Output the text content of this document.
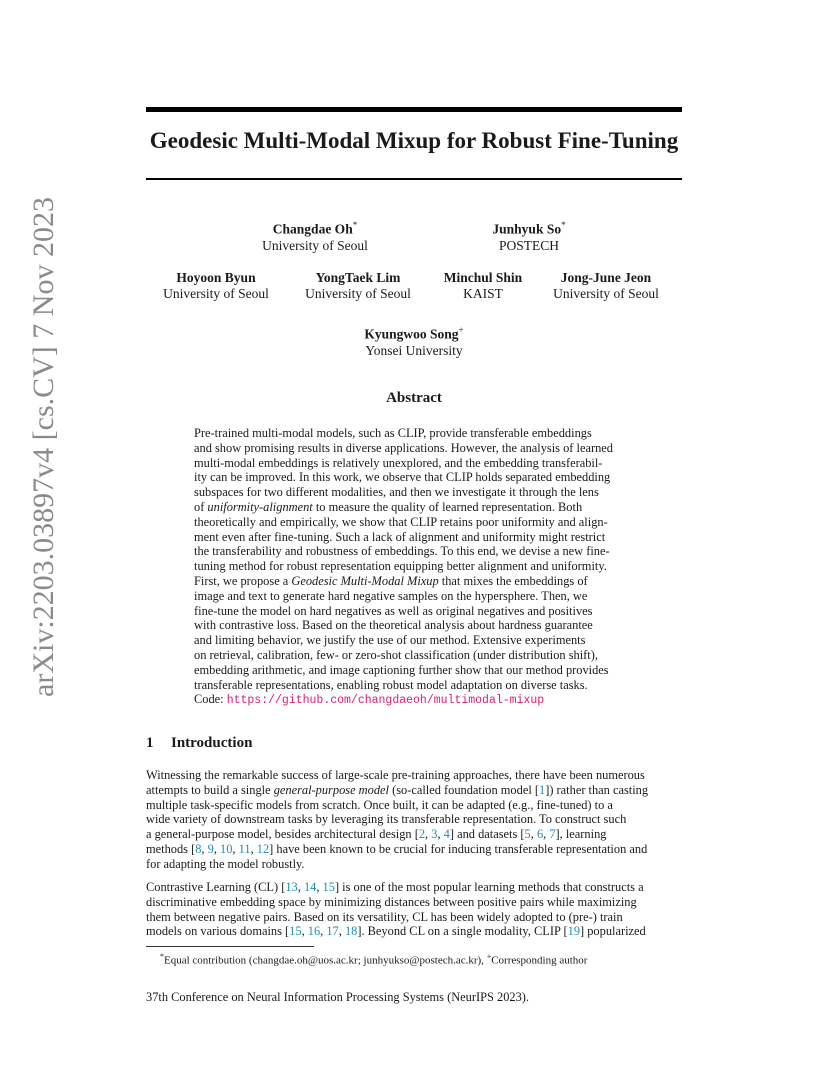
arXiv:2203.03897v4 [cs.CV] 7 Nov 2023
Geodesic Multi-Modal Mixup for Robust Fine-Tuning
Changdae Oh*
University of Seoul
Junhyuk So*
POSTECH
Hoyoon Byun
University of Seoul
YongTaek Lim
University of Seoul
Minchul Shin
KAIST
Jong-June Jeon
University of Seoul
Kyungwoo Song+
Yonsei University
Abstract
Pre-trained multi-modal models, such as CLIP, provide transferable embeddings
and show promising results in diverse applications. However, the analysis of learned
multi-modal embeddings is relatively unexplored, and the embedding transferabil-
ity can be improved. In this work, we observe that CLIP holds separated embedding
subspaces for two different modalities, and then we investigate it through the lens
of uniformity-alignment to measure the quality of learned representation. Both
theoretically and empirically, we show that CLIP retains poor uniformity and align-
ment even after fine-tuning. Such a lack of alignment and uniformity might restrict
the transferability and robustness of embeddings. To this end, we devise a new fine-
tuning method for robust representation equipping better alignment and uniformity.
First, we propose a Geodesic Multi-Modal Mixup that mixes the embeddings of
image and text to generate hard negative samples on the hypersphere. Then, we
fine-tune the model on hard negatives as well as original negatives and positives
with contrastive loss. Based on the theoretical analysis about hardness guarantee
and limiting behavior, we justify the use of our method. Extensive experiments
on retrieval, calibration, few- or zero-shot classification (under distribution shift),
embedding arithmetic, and image captioning further show that our method provides
transferable representations, enabling robust model adaptation on diverse tasks.
Code: https://github.com/changdaeoh/multimodal-mixup
1 Introduction
Witnessing the remarkable success of large-scale pre-training approaches, there have been numerous
attempts to build a single general-purpose model (so-called foundation model [1]) rather than casting
multiple task-specific models from scratch. Once built, it can be adapted (e.g., fine-tuned) to a
wide variety of downstream tasks by leveraging its transferable representation. To construct such
a general-purpose model, besides architectural design [2, 3, 4] and datasets [5, 6, 7], learning
methods [8, 9, 10, 11, 12] have been known to be crucial for inducing transferable representation and
for adapting the model robustly.
Contrastive Learning (CL) [13, 14, 15] is one of the most popular learning methods that constructs a
discriminative embedding space by minimizing distances between positive pairs while maximizing
them between negative pairs. Based on its versatility, CL has been widely adopted to (pre-) train
models on various domains [15, 16, 17, 18]. Beyond CL on a single modality, CLIP [19] popularized
*Equal contribution (changdae.oh@uos.ac.kr; junhyukso@postech.ac.kr), +Corresponding author
37th Conference on Neural Information Processing Systems (NeurIPS 2023).
